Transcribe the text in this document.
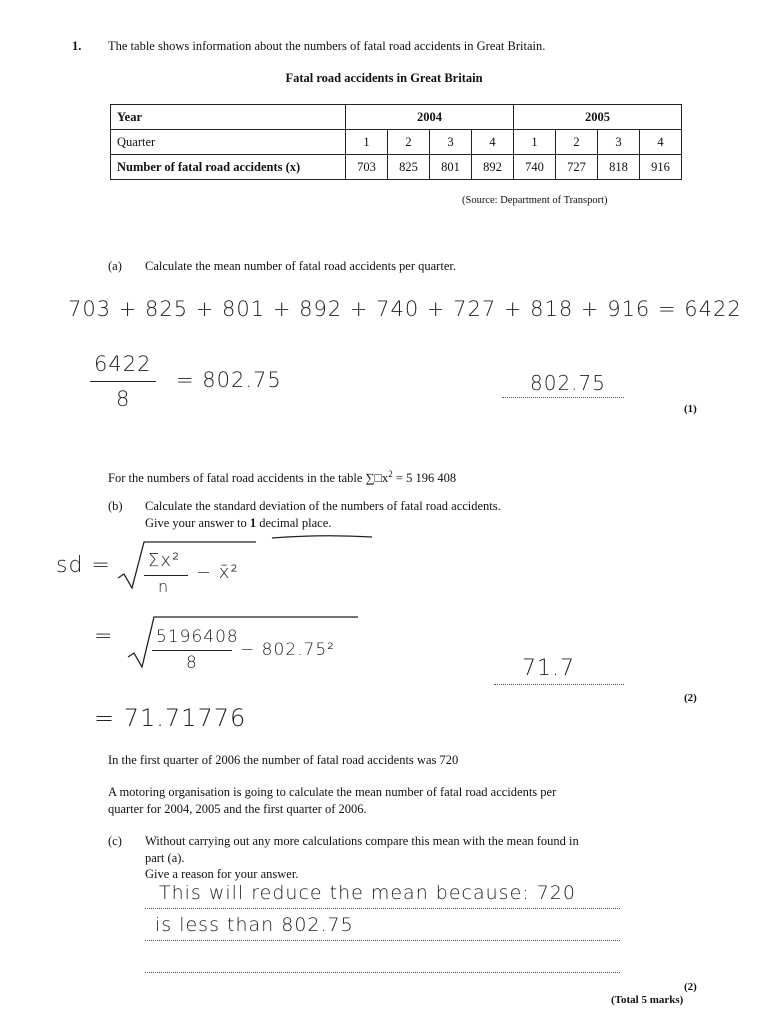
1. The table shows information about the numbers of fatal road accidents in Great Britain.
Fatal road accidents in Great Britain
Year	2004				2005			
Quarter	1	2	3	4	1	2	3	4
Number of fatal road accidents (x)	703	825	801	892	740	727	818	916
(Source: Department of Transport)
(a) Calculate the mean number of fatal road accidents per quarter.
703 + 825 + 801 + 892 + 740 + 727 + 818 + 916 = 6422
6422
8
= 802.75	802.75
(1)
For the numbers of fatal road accidents in the table $\sum□x^2 = 5$ 196 408
(b) Calculate the standard deviation of the numbers of fatal road accidents.
Give your answer to 1 decimal place.
sd = Σx²
n
− x̄²
=	5196408
8
− 802.75²
71.7
(2)
= 71.71776
In the first quarter of 2006 the number of fatal road accidents was 720
A motoring organisation is going to calculate the mean number of fatal road accidents per
quarter for 2004, 2005 and the first quarter of 2006.
(c) Without carrying out any more calculations compare this mean with the mean found in
part (a).
Give a reason for your answer.
This will reduce the mean because: 720
is less than 802.75
(2)
(Total 5 marks)
